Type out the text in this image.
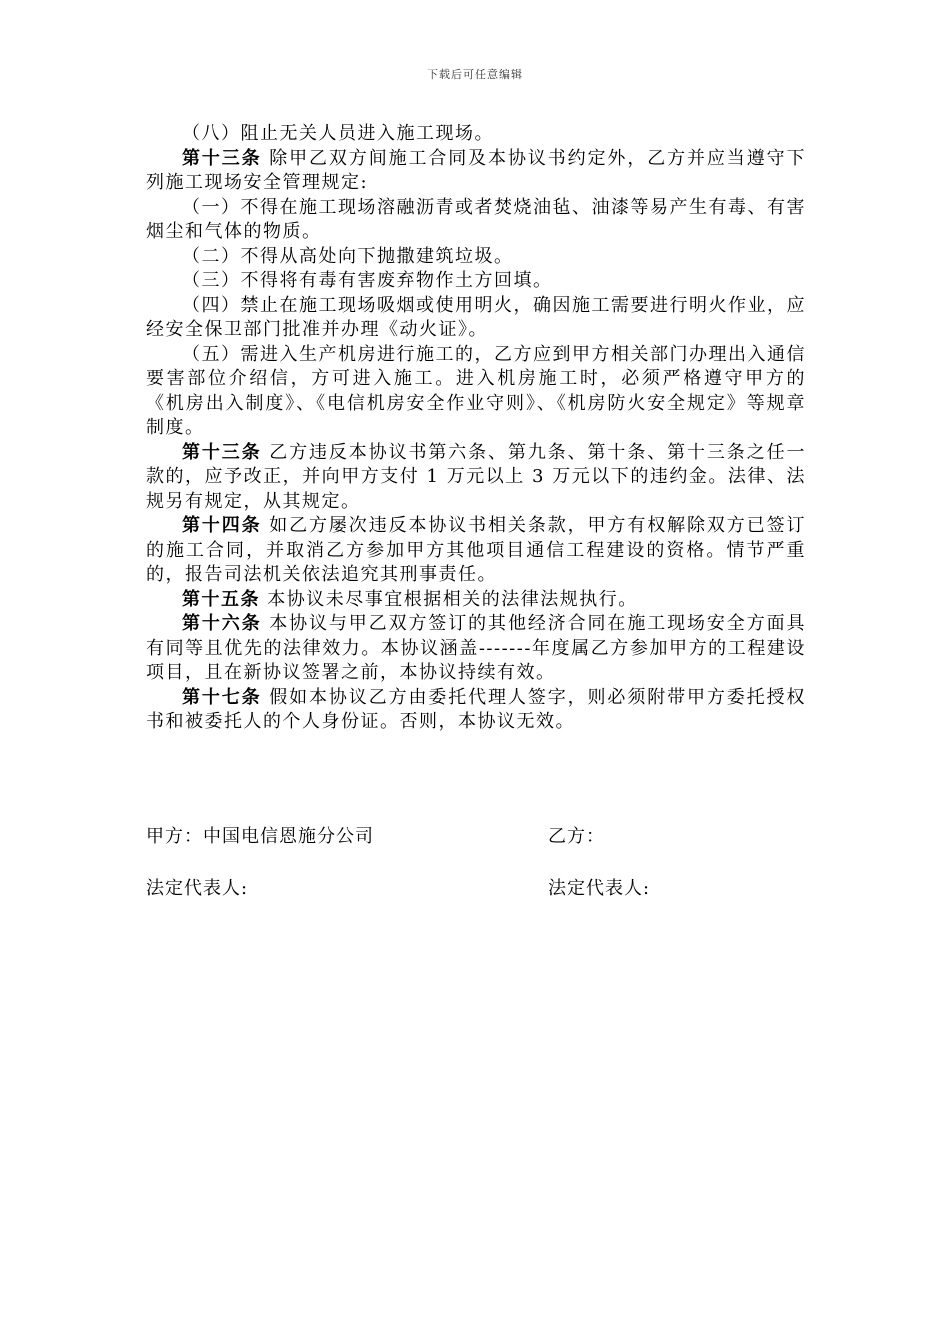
下载后可任意编辑

（八）阻止无关人员进入施工现场。

第十三条 除甲乙双方间施工合同及本协议书约定外，乙方并应当遵守下列施工现场安全管理规定:

（一）不得在施工现场溶融沥青或者焚烧油毡、油漆等易产生有毒、有害烟尘和气体的物质。

（二）不得从高处向下抛撒建筑垃圾。

（三）不得将有毒有害废弃物作土方回填。

（四）禁止在施工现场吸烟或使用明火，确因施工需要进行明火作业，应经安全保卫部门批准并办理《动火证》。

（五）需进入生产机房进行施工的，乙方应到甲方相关部门办理出入通信要害部位介绍信，方可进入施工。进入机房施工时，必须严格遵守甲方的《机房出入制度》、《电信机房安全作业守则》、《机房防火安全规定》等规章制度。

第十三条 乙方违反本协议书第六条、第九条、第十条、第十三条之任一款的，应予改正，并向甲方支付 1 万元以上 3 万元以下的违约金。法律、法规另有规定，从其规定。

第十四条 如乙方屡次违反本协议书相关条款，甲方有权解除双方已签订的施工合同，并取消乙方参加甲方其他项目通信工程建设的资格。情节严重的，报告司法机关依法追究其刑事责任。

第十五条 本协议未尽事宜根据相关的法律法规执行。

第十六条 本协议与甲乙双方签订的其他经济合同在施工现场安全方面具有同等且优先的法律效力。本协议涵盖-------年度属乙方参加甲方的工程建设项目，且在新协议签署之前，本协议持续有效。

第十七条 假如本协议乙方由委托代理人签字，则必须附带甲方委托授权书和被委托人的个人身份证。否则，本协议无效。

甲方：中国电信恩施分公司	乙方：
法定代表人:	法定代表人:
